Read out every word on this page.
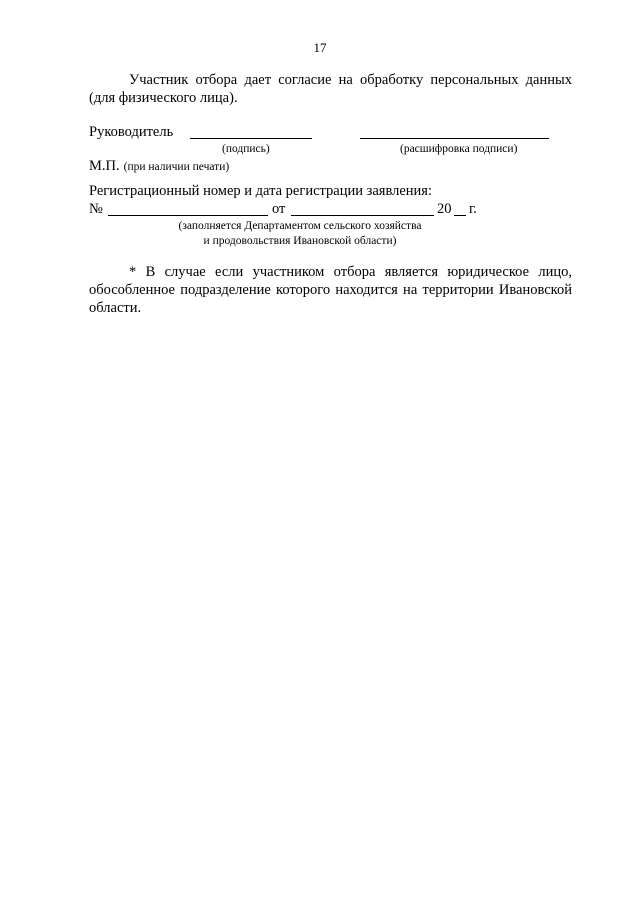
17

Участник отбора дает согласие на обработку персональных данных (для физического лица).

Руководитель
(подпись)	(расшифровка подписи)
М.П. (при наличии печати)
Регистрационный номер и дата регистрации заявления:
№	от	20 г.
(заполняется Департаментом сельского хозяйства
и продовольствия Ивановской области)

* В случае если участником отбора является юридическое лицо, обособленное подразделение которого находится на территории Ивановской области.
